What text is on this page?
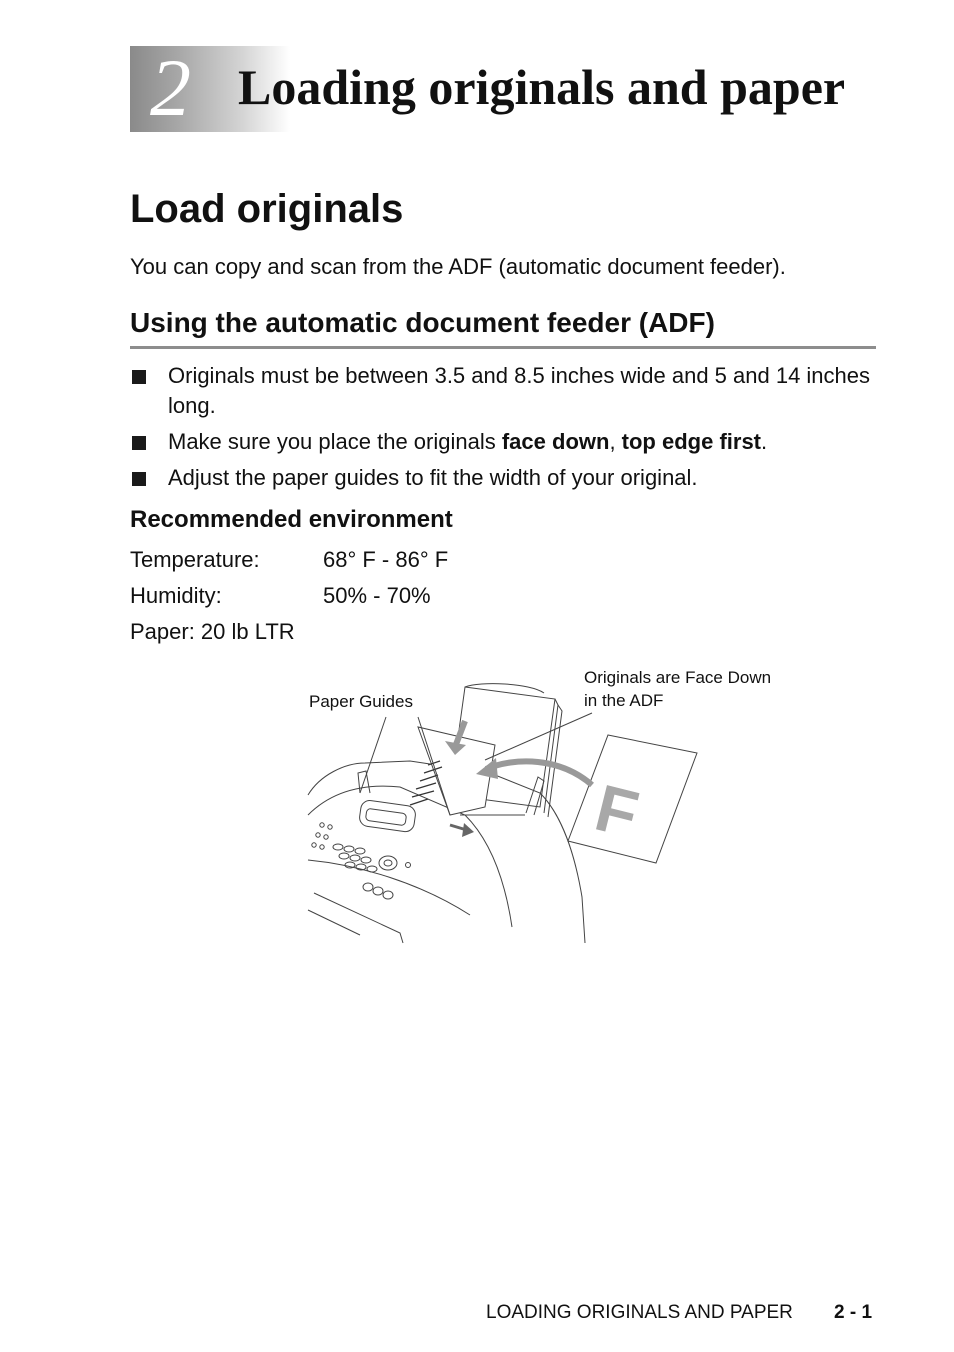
2 Loading originals and paper
Load originals
You can copy and scan from the ADF (automatic document feeder).
Using the automatic document feeder (ADF)
Originals must be between 3.5 and 8.5 inches wide and 5 and 14 inches long.
Make sure you place the originals face down, top edge first.
Adjust the paper guides to fit the width of your original.
Recommended environment
Temperature:	68° F - 86° F
Humidity:	50% - 70%
Paper: 20 lb LTR
F
Paper Guides
Originals are Face Down
in the ADF
LOADING ORIGINALS AND PAPER 2 - 1
